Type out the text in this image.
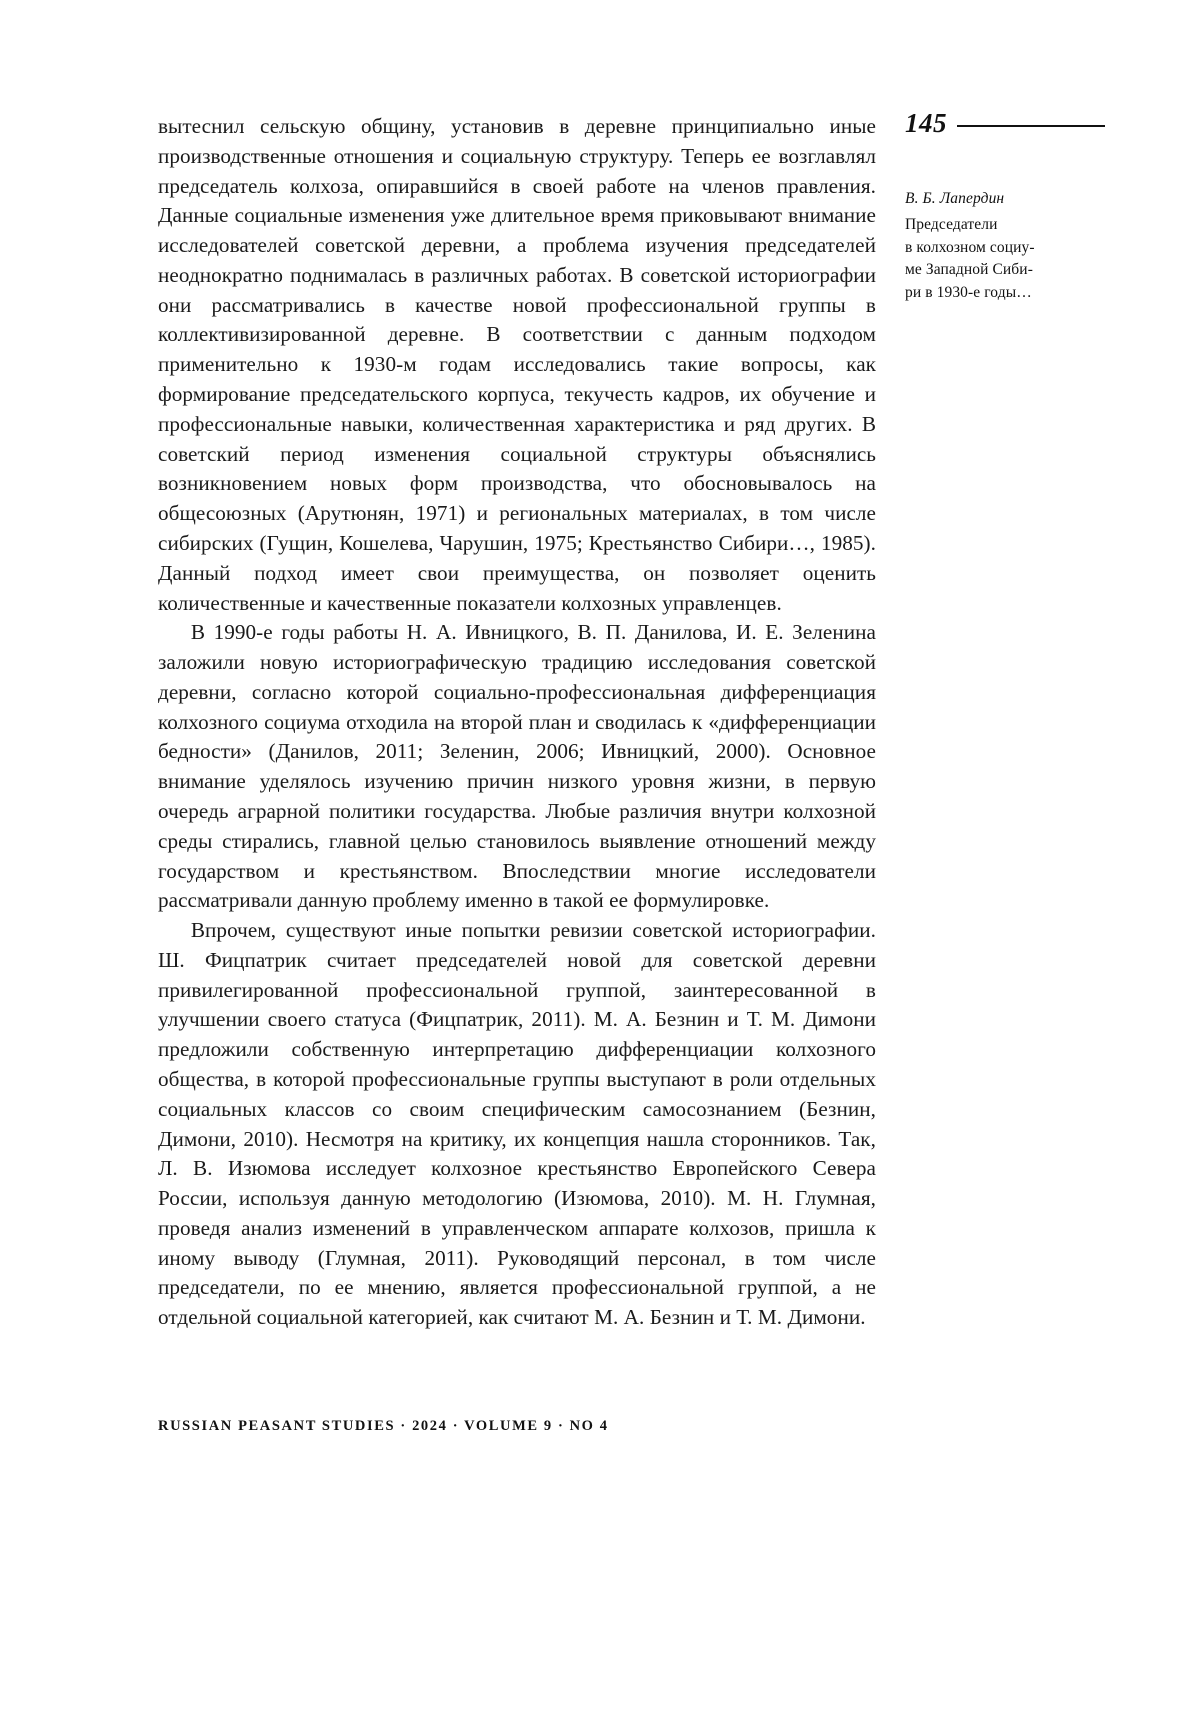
145
В. Б. Лапердин
Председатели
в колхозном социу-
ме Западной Сиби-
ри в 1930-е годы…

вытеснил сельскую общину, установив в деревне принципиально иные производственные отношения и социальную структуру. Теперь ее возглавлял председатель колхоза, опиравшийся в своей работе на членов правления. Данные социальные изменения уже длительное время приковывают внимание исследователей советской деревни, а проблема изучения председателей неоднократно поднималась в различных работах. В советской историографии они рассматривались в качестве новой профессиональной группы в коллективизированной деревне. В соответствии с данным подходом применительно к 1930-м годам исследовались такие вопросы, как формирование председательского корпуса, текучесть кадров, их обучение и профессиональные навыки, количественная характеристика и ряд других. В советский период изменения социальной структуры объяснялись возникновением новых форм производства, что обосновывалось на общесоюзных (Арутюнян, 1971) и региональных материалах, в том числе сибирских (Гущин, Кошелева, Чарушин, 1975; Крестьянство Сибири…, 1985). Данный подход имеет свои преимущества, он позволяет оценить количественные и качественные показатели колхозных управленцев.

В 1990-е годы работы Н. А. Ивницкого, В. П. Данилова, И. Е. Зеленина заложили новую историографическую традицию исследования советской деревни, согласно которой социально-профессиональная дифференциация колхозного социума отходила на второй план и сводилась к «дифференциации бедности» (Данилов, 2011; Зеленин, 2006; Ивницкий, 2000). Основное внимание уделялось изучению причин низкого уровня жизни, в первую очередь аграрной политики государства. Любые различия внутри колхозной среды стирались, главной целью становилось выявление отношений между государством и крестьянством. Впоследствии многие исследователи рассматривали данную проблему именно в такой ее формулировке.

Впрочем, существуют иные попытки ревизии советской историографии. Ш. Фицпатрик считает председателей новой для советской деревни привилегированной профессиональной группой, заинтересованной в улучшении своего статуса (Фицпатрик, 2011). М. А. Безнин и Т. М. Димони предложили собственную интерпретацию дифференциации колхозного общества, в которой профессиональные группы выступают в роли отдельных социальных классов со своим специфическим самосознанием (Безнин, Димони, 2010). Несмотря на критику, их концепция нашла сторонников. Так, Л. В. Изюмова исследует колхозное крестьянство Европейского Севера России, используя данную методологию (Изюмова, 2010). М. Н. Глумная, проведя анализ изменений в управленческом аппарате колхозов, пришла к иному выводу (Глумная, 2011). Руководящий персонал, в том числе председатели, по ее мнению, является профессиональной группой, а не отдельной социальной категорией, как считают М. А. Безнин и Т. М. Димони.

RUSSIAN PEASANT STUDIES · 2024 · VOLUME 9 · NO 4
